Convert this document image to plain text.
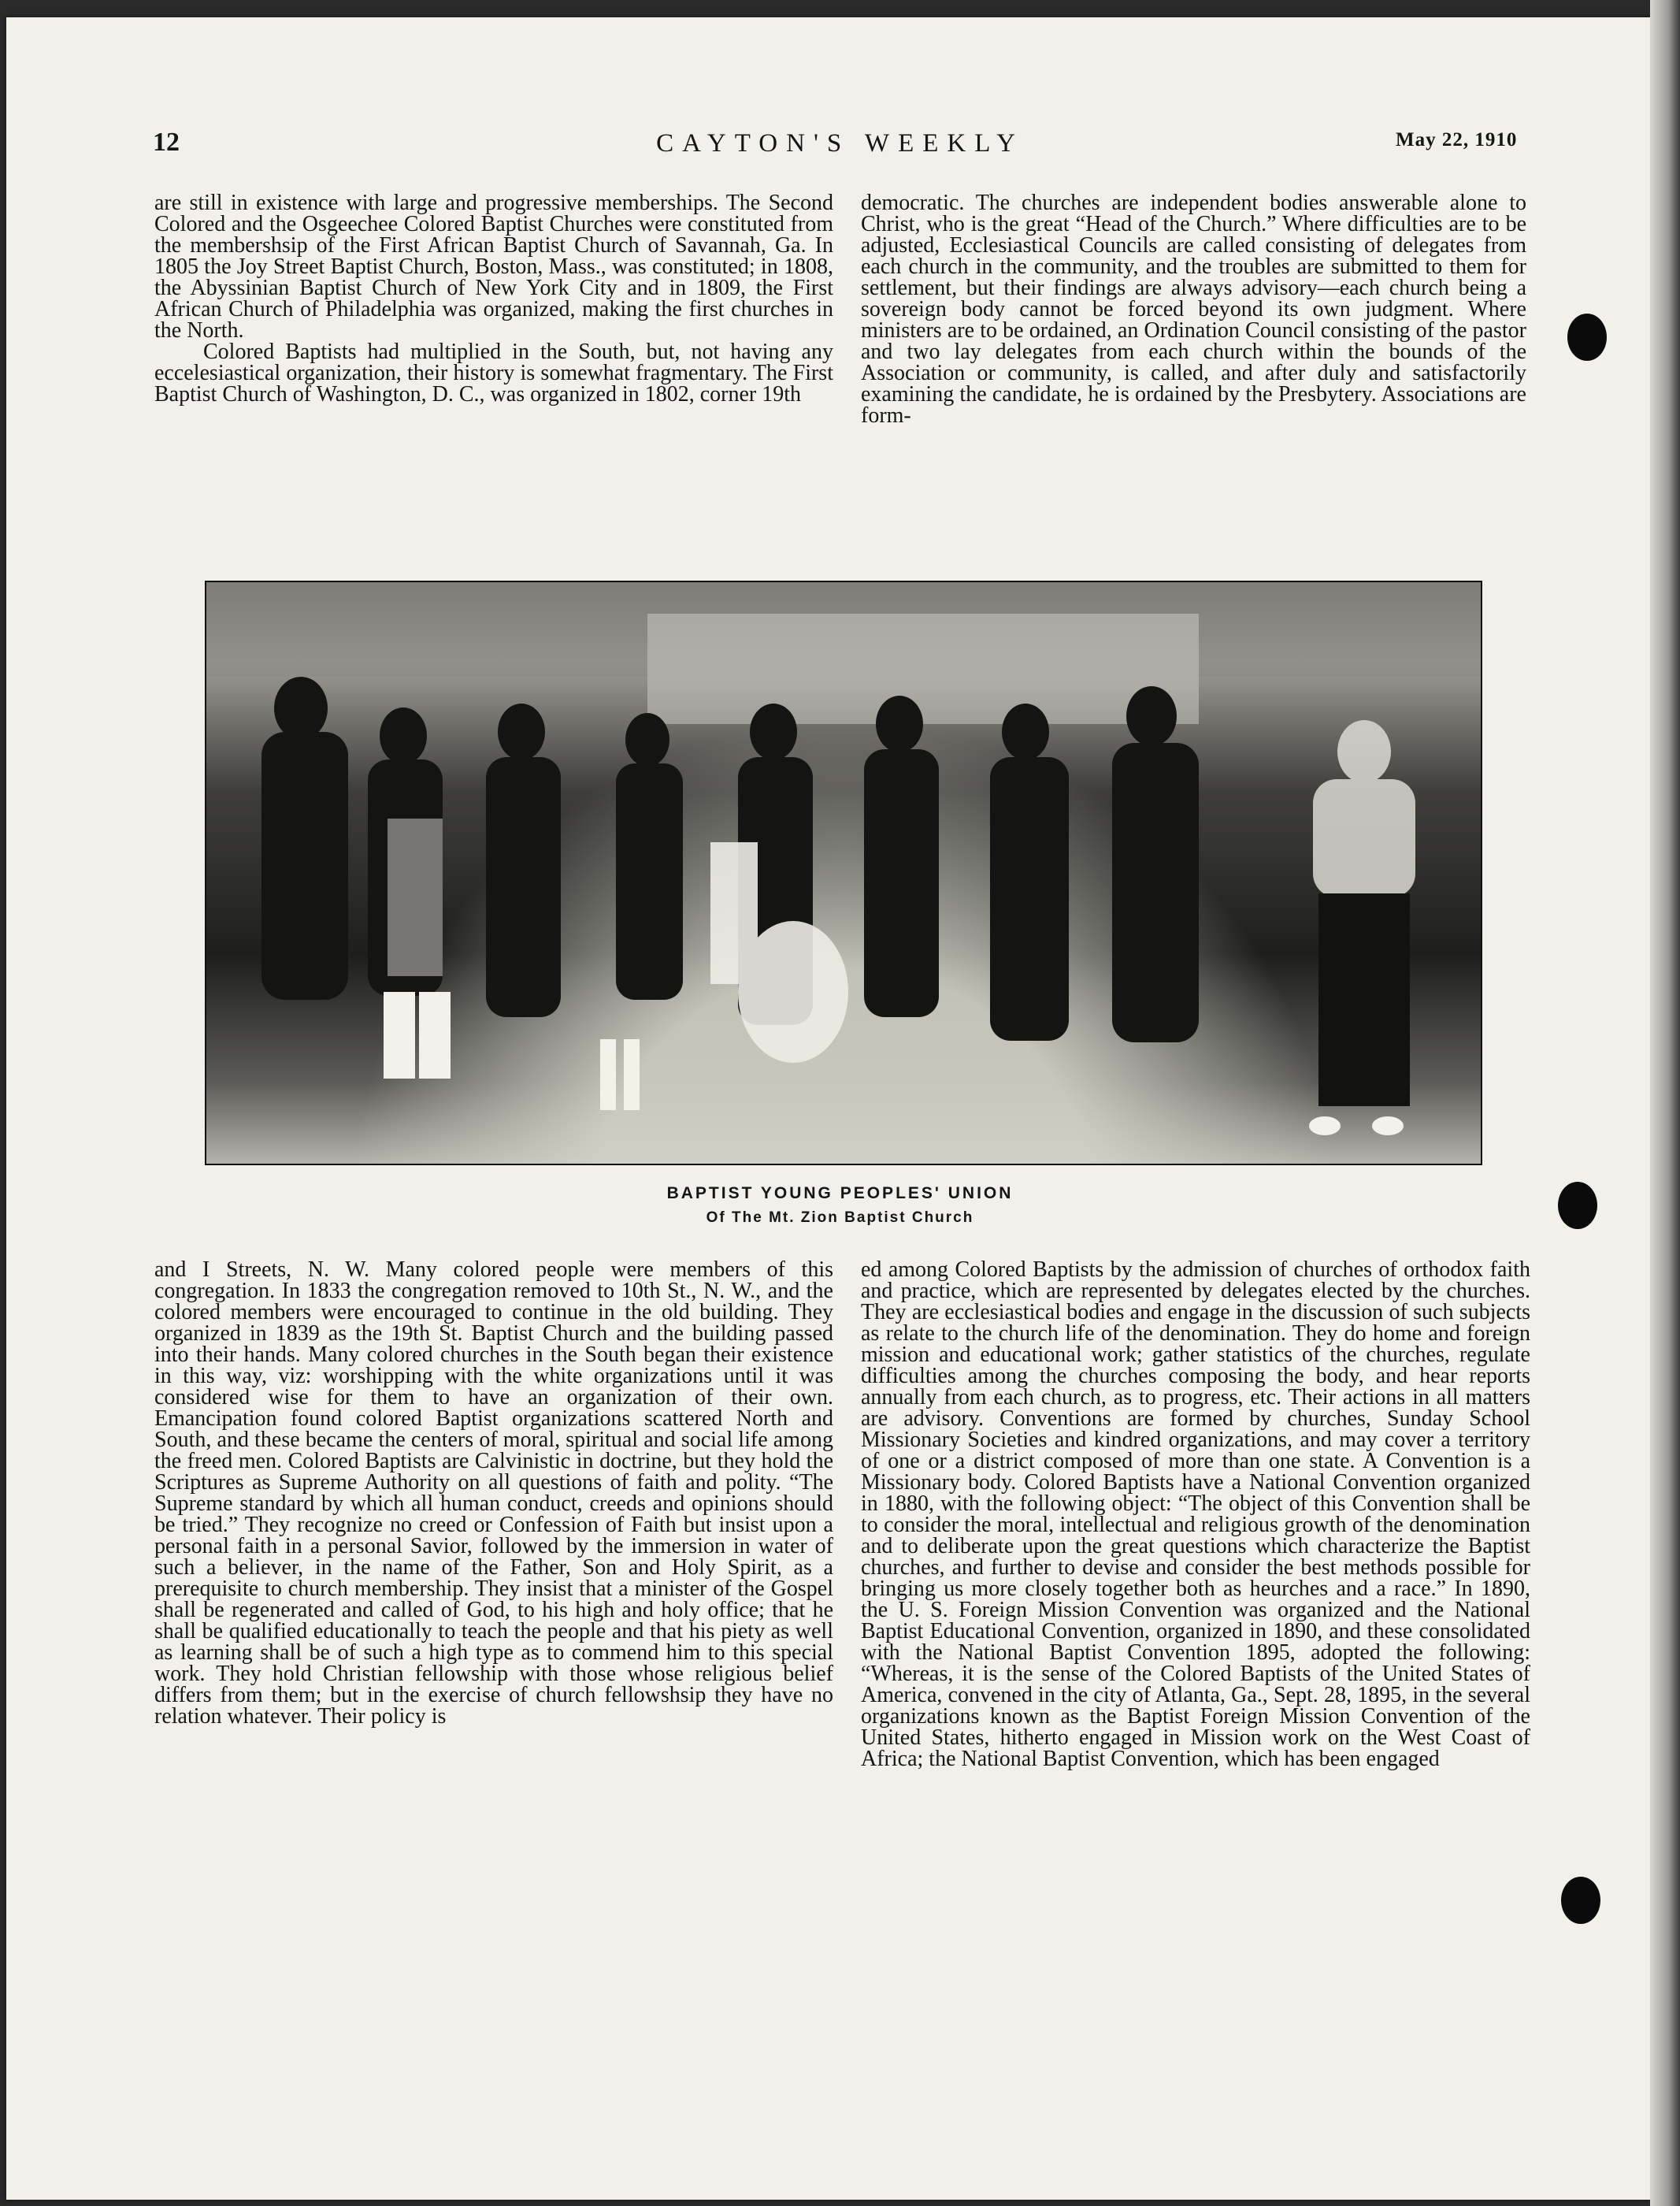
12	CAYTON'S WEEKLY	May 22, 1910

are still in existence with large and progressive memberships. The Second Colored and the Osgeechee Colored Baptist Churches were constituted from the membershsip of the First African Baptist Church of Savannah, Ga. In 1805 the Joy Street Baptist Church, Boston, Mass., was constituted; in 1808, the Abyssinian Baptist Church of New York City and in 1809, the First African Church of Philadelphia was organized, making the first churches in the North.

Colored Baptists had multiplied in the South, but, not having any eccelesiastical organization, their history is somewhat fragmentary. The First Baptist Church of Washington, D. C., was organized in 1802, corner 19th

democratic. The churches are independent bodies answerable alone to Christ, who is the great “Head of the Church.” Where difficulties are to be adjusted, Ecclesiastical Councils are called consisting of delegates from each church in the community, and the troubles are submitted to them for settlement, but their findings are always advisory—each church being a sovereign body cannot be forced beyond its own judgment. Where ministers are to be ordained, an Ordination Council consisting of the pastor and two lay delegates from each church within the bounds of the Association or community, is called, and after duly and satisfactorily examining the candidate, he is ordained by the Presbytery. Associations are form-

BAPTIST YOUNG PEOPLES' UNION
Of The Mt. Zion Baptist Church

and I Streets, N. W. Many colored people were members of this congregation. In 1833 the congregation removed to 10th St., N. W., and the colored members were encouraged to continue in the old building. They organized in 1839 as the 19th St. Baptist Church and the building passed into their hands. Many colored churches in the South began their existence in this way, viz: worshipping with the white organizations until it was considered wise for them to have an organization of their own. Emancipation found colored Baptist organizations scattered North and South, and these became the centers of moral, spiritual and social life among the freed men. Colored Baptists are Calvinistic in doctrine, but they hold the Scriptures as Supreme Authority on all questions of faith and polity. “The Supreme standard by which all human conduct, creeds and opinions should be tried.” They recognize no creed or Confession of Faith but insist upon a personal faith in a personal Savior, followed by the immersion in water of such a believer, in the name of the Father, Son and Holy Spirit, as a prerequisite to church membership. They insist that a minister of the Gospel shall be regenerated and called of God, to his high and holy office; that he shall be qualified educationally to teach the people and that his piety as well as learning shall be of such a high type as to commend him to this special work. They hold Christian fellowship with those whose religious belief differs from them; but in the exercise of church fellowshsip they have no relation whatever. Their policy is

ed among Colored Baptists by the admission of churches of orthodox faith and practice, which are represented by delegates elected by the churches. They are ecclesiastical bodies and engage in the discussion of such subjects as relate to the church life of the denomination. They do home and foreign mission and educational work; gather statistics of the churches, regulate difficulties among the churches composing the body, and hear reports annually from each church, as to progress, etc. Their actions in all matters are advisory. Conventions are formed by churches, Sunday School Missionary Societies and kindred organizations, and may cover a territory of one or a district composed of more than one state. A Convention is a Missionary body. Colored Baptists have a National Convention organized in 1880, with the following object: “The object of this Convention shall be to consider the moral, intellectual and religious growth of the denomination and to deliberate upon the great questions which characterize the Baptist churches, and further to devise and consider the best methods possible for bringing us more closely together both as heurches and a race.” In 1890, the U. S. Foreign Mission Convention was organized and the National Baptist Educational Convention, organized in 1890, and these consolidated with the National Baptist Convention 1895, adopted the following: “Whereas, it is the sense of the Colored Baptists of the United States of America, convened in the city of Atlanta, Ga., Sept. 28, 1895, in the several organizations known as the Baptist Foreign Mission Convention of the United States, hitherto engaged in Mission work on the West Coast of Africa; the National Baptist Convention, which has been engaged
